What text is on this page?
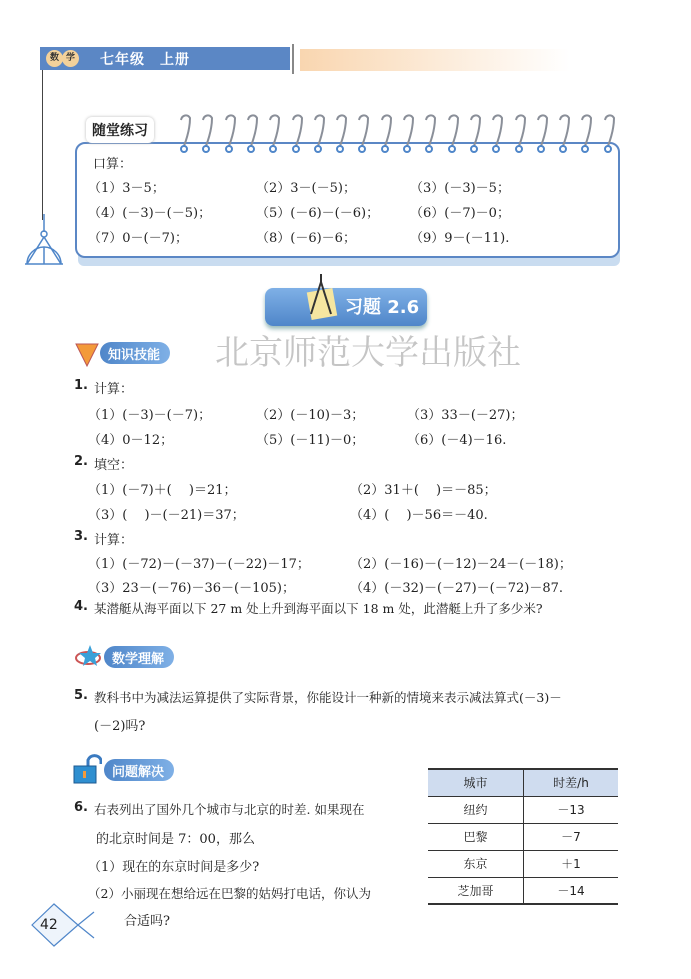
数 学 七年级　上册
随堂练习
口算：
（1）3－5；	（2）3－(－5)；	（3）(－3)－5；
（4）(－3)－(－5)；	（5）(－6)－(－6)； （6）(－7)－0；
（7）0－(－7)；	（8）(－6)－6；	（9）9－(－11).
习题 2.6
北京师范大学出版社
知识技能
1. 计算：
（1）(－3)－(－7)；	（2）(－10)－3；	（3）33－(－27)；
（4）0－12；	（5）(－11)－0；	（6）(－4)－16.
2. 填空：
（1）(－7)＋(　 )＝21；	（2）31＋(　 )＝－85；
（3）(　 )－(－21)＝37；	（4）(　 )－56＝－40.
3. 计算：
（1）(－72)－(－37)－(－22)－17；	（2）(－16)－(－12)－24－(－18)；
（3）23－(－76)－36－(－105)；	（4）(－32)－(－27)－(－72)－87.
4. 某潜艇从海平面以下 27 m 处上升到海平面以下 18 m 处，此潜艇上升了多少米?
数学理解
5. 教科书中为减法运算提供了实际背景，你能设计一种新的情境来表示减法算式(－3)－
(－2)吗?
问题解决
6. 右表列出了国外几个城市与北京的时差. 如果现在
的北京时间是 7：00，那么
（1）现在的东京时间是多少?
（2）小丽现在想给远在巴黎的姑妈打电话，你认为
合适吗?
城市	时差/h
纽约	－13
巴黎	－7
东京	＋1
芝加哥	－14
42
